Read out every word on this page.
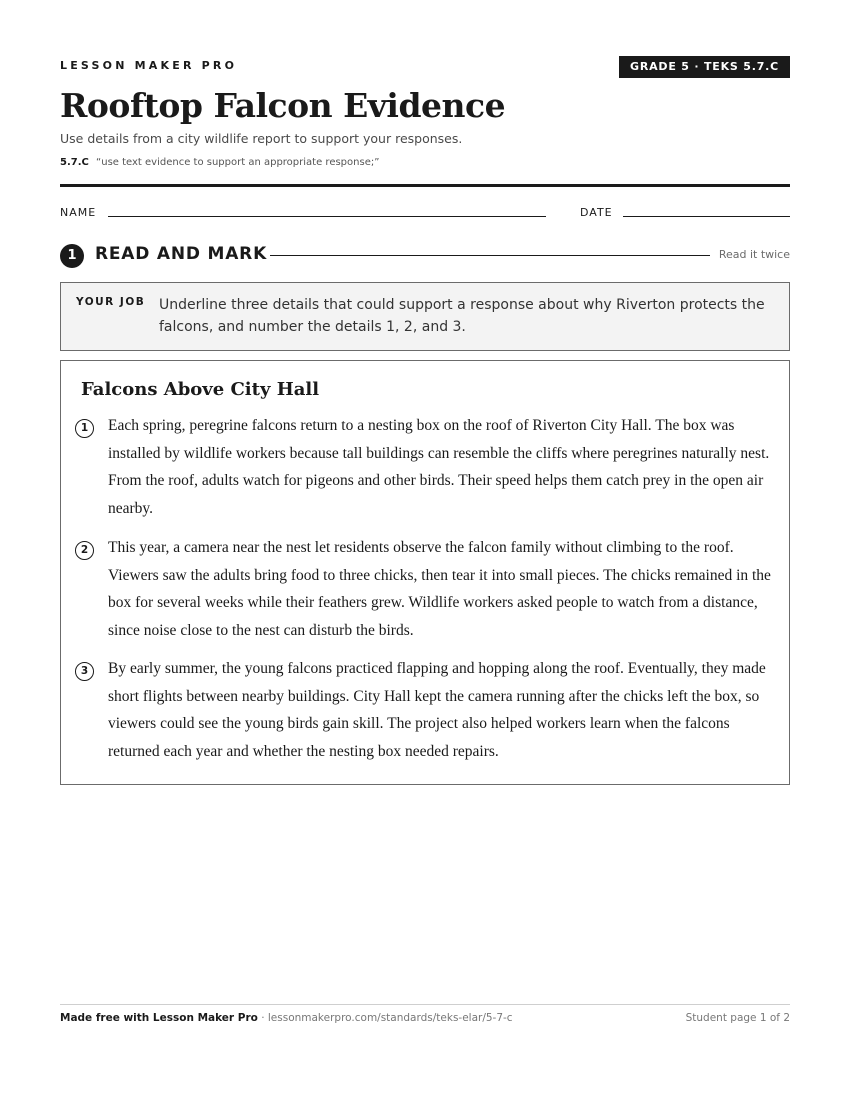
LESSON MAKER PRO	GRADE 5 · TEKS 5.7.C
Rooftop Falcon Evidence
Use details from a city wildlife report to support your responses.
5.7.C “use text evidence to support an appropriate response;”
NAME	DATE
1	READ AND MARK	Read it twice
YOUR JOB Underline three details that could support a response about why Riverton protects the falcons, and number the details 1, 2, and 3.
Falcons Above City Hall
1	Each spring, peregrine falcons return to a nesting box on the roof of Riverton City Hall. The box was installed by wildlife workers because tall buildings can resemble the cliffs where peregrines naturally nest. From the roof, adults watch for pigeons and other birds. Their speed helps them catch prey in the open air nearby.
2	This year, a camera near the nest let residents observe the falcon family without climbing to the roof. Viewers saw the adults bring food to three chicks, then tear it into small pieces. The chicks remained in the box for several weeks while their feathers grew. Wildlife workers asked people to watch from a distance, since noise close to the nest can disturb the birds.
3	By early summer, the young falcons practiced flapping and hopping along the roof. Eventually, they made short flights between nearby buildings. City Hall kept the camera running after the chicks left the box, so viewers could see the young birds gain skill. The project also helped workers learn when the falcons returned each year and whether the nesting box needed repairs.
Made free with Lesson Maker Pro · lessonmakerpro.com/standards/teks-elar/5-7-c	Student page 1 of 2
